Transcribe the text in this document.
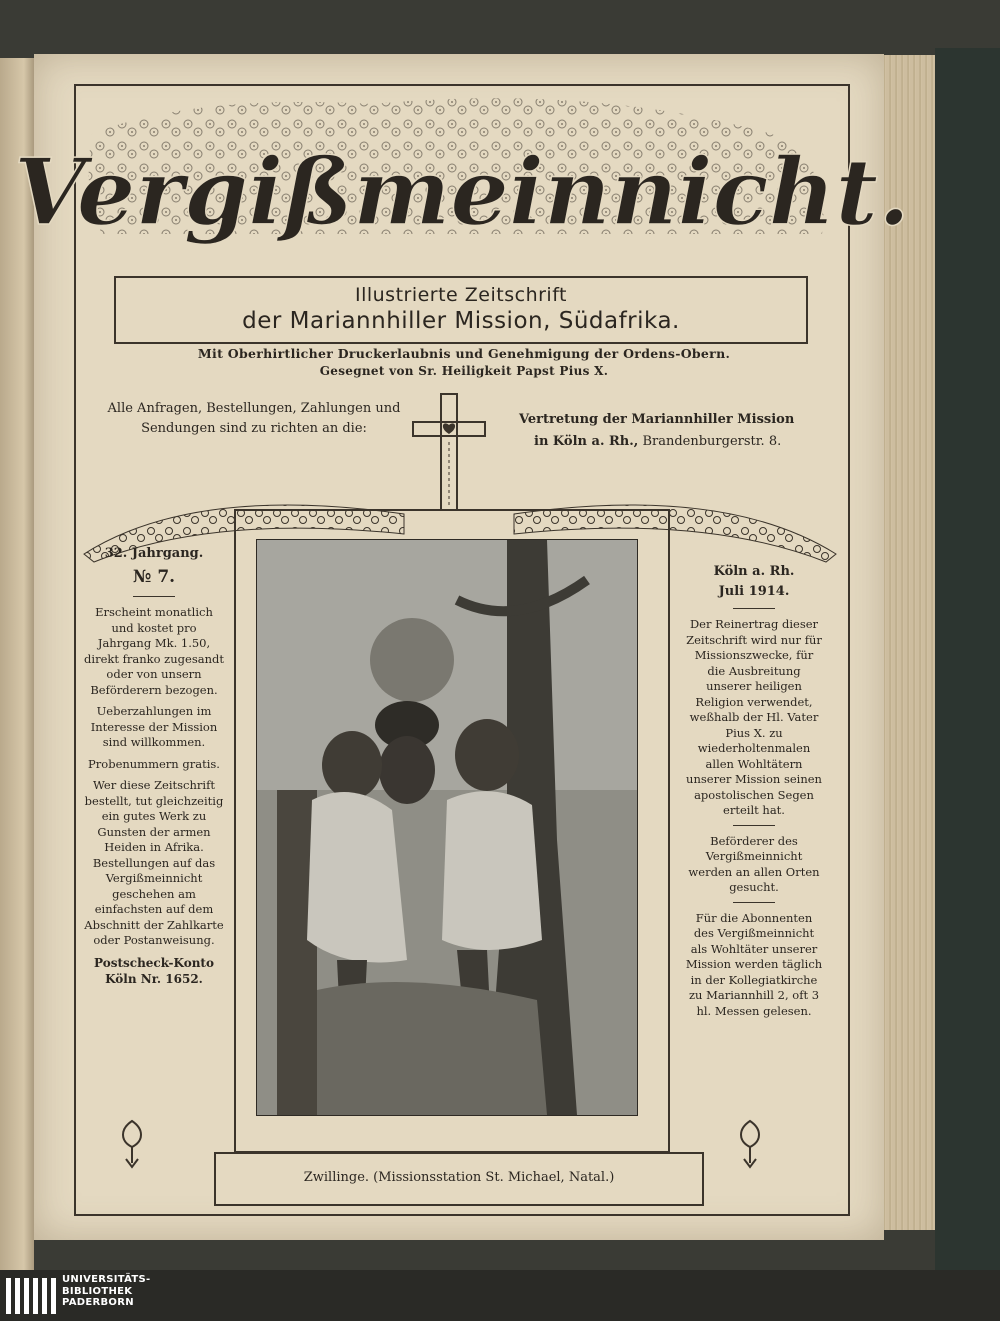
Vergißmeinnicht.
Illustrierte Zeitschrift
der Mariannhiller Mission, Südafrika.
Mit Oberhirtlicher Druckerlaubnis und Genehmigung der Ordens-Obern.
Gesegnet von Sr. Heiligkeit Papst Pius X.
Alle Anfragen, Bestellungen, Zahlungen und
Sendungen sind zu richten an die:
Vertretung der Mariannhiller Mission
in Köln a. Rh., Brandenburgerstr. 8.
Zwillinge. (Missionsstation St. Michael, Natal.)
32. Jahrgang.
№ 7.
Erscheint monatlich und kostet pro Jahrgang Mk. 1.50, direkt franko zugesandt oder von unsern Beförderern bezogen.
Ueberzahlungen im Interesse der Mission sind willkommen.
Probenummern gratis.
Wer diese Zeitschrift bestellt, tut gleichzeitig ein gutes Werk zu Gunsten der armen Heiden in Afrika.
Bestellungen auf das Vergißmeinnicht geschehen am einfachsten auf dem Abschnitt der Zahlkarte oder Postanweisung.
Postscheck-Konto
Köln Nr. 1652.
Köln a. Rh.
Juli 1914.
Der Reinertrag dieser Zeitschrift wird nur für Missionszwecke, für die Ausbreitung unserer heiligen Religion verwendet, weßhalb der Hl. Vater Pius X. zu wiederholtenmalen allen Wohltätern unserer Mission seinen apostolischen Segen erteilt hat.
Beförderer des Vergißmeinnicht werden an allen Orten gesucht.
Für die Abonnenten des Vergißmeinnicht als Wohltäter unserer Mission werden täglich in der Kollegiatkirche zu Mariannhill 2, oft 3 hl. Messen gelesen.
UNIVERSITÄTS-
BIBLIOTHEK
PADERBORN
